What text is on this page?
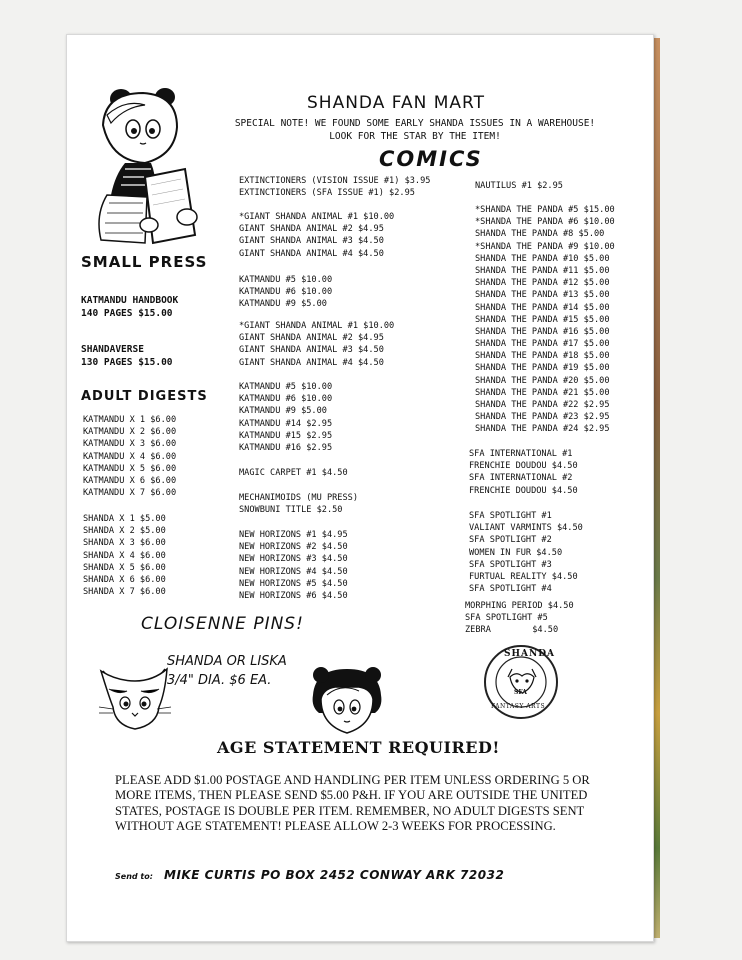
SHANDA FAN MART
SPECIAL NOTE! WE FOUND SOME EARLY SHANDA ISSUES IN A WAREHOUSE!
LOOK FOR THE STAR BY THE ITEM!
COMICS
SMALL PRESS
KATMANDU HANDBOOK
140 PAGES $15.00
SHANDAVERSE
130 PAGES $15.00
ADULT DIGESTS
KATMANDU X 1 $6.00
KATMANDU X 2 $6.00
KATMANDU X 3 $6.00
KATMANDU X 4 $6.00
KATMANDU X 5 $6.00
KATMANDU X 6 $6.00
KATMANDU X 7 $6.00
SHANDA X 1 $5.00
SHANDA X 2 $5.00
SHANDA X 3 $6.00
SHANDA X 4 $6.00
SHANDA X 5 $6.00
SHANDA X 6 $6.00
SHANDA X 7 $6.00
EXTINCTIONERS (VISION ISSUE #1) $3.95
EXTINCTIONERS (SFA ISSUE #1) $2.95
*GIANT SHANDA ANIMAL #1 $10.00
GIANT SHANDA ANIMAL #2 $4.95
GIANT SHANDA ANIMAL #3 $4.50
GIANT SHANDA ANIMAL #4 $4.50
KATMANDU #5 $10.00
KATMANDU #6 $10.00
KATMANDU #9 $5.00
*GIANT SHANDA ANIMAL #1 $10.00
GIANT SHANDA ANIMAL #2 $4.95
GIANT SHANDA ANIMAL #3 $4.50
GIANT SHANDA ANIMAL #4 $4.50
KATMANDU #5 $10.00
KATMANDU #6 $10.00
KATMANDU #9 $5.00
KATMANDU #14 $2.95
KATMANDU #15 $2.95
KATMANDU #16 $2.95
MAGIC CARPET #1 $4.50
MECHANIMOIDS (MU PRESS)
SNOWBUNI TITLE $2.50
NEW HORIZONS #1 $4.95
NEW HORIZONS #2 $4.50
NEW HORIZONS #3 $4.50
NEW HORIZONS #4 $4.50
NEW HORIZONS #5 $4.50
NEW HORIZONS #6 $4.50
NAUTILUS #1 $2.95
*SHANDA THE PANDA #5 $15.00
*SHANDA THE PANDA #6 $10.00
SHANDA THE PANDA #8 $5.00
*SHANDA THE PANDA #9 $10.00
SHANDA THE PANDA #10 $5.00
SHANDA THE PANDA #11 $5.00
SHANDA THE PANDA #12 $5.00
SHANDA THE PANDA #13 $5.00
SHANDA THE PANDA #14 $5.00
SHANDA THE PANDA #15 $5.00
SHANDA THE PANDA #16 $5.00
SHANDA THE PANDA #17 $5.00
SHANDA THE PANDA #18 $5.00
SHANDA THE PANDA #19 $5.00
SHANDA THE PANDA #20 $5.00
SHANDA THE PANDA #21 $5.00
SHANDA THE PANDA #22 $2.95
SHANDA THE PANDA #23 $2.95
SHANDA THE PANDA #24 $2.95
SFA INTERNATIONAL #1
FRENCHIE DOUDOU $4.50
SFA INTERNATIONAL #2
FRENCHIE DOUDOU $4.50
SFA SPOTLIGHT #1
VALIANT VARMINTS $4.50
SFA SPOTLIGHT #2
WOMEN IN FUR $4.50
SFA SPOTLIGHT #3
FURTUAL REALITY $4.50
SFA SPOTLIGHT #4
MORPHING PERIOD $4.50
SFA SPOTLIGHT #5
ZEBRA        $4.50
CLOISENNE PINS!
SHANDA OR LISKA
3/4" DIA. $6 EA.
SHANDA
FANTASY ARTS
SFA
AGE STATEMENT REQUIRED!
PLEASE ADD $1.00 POSTAGE AND HANDLING PER ITEM UNLESS ORDERING 5 OR MORE ITEMS, THEN PLEASE SEND $5.00 P&H. IF YOU ARE OUTSIDE THE UNITED STATES, POSTAGE IS DOUBLE PER ITEM. REMEMBER, NO ADULT DIGESTS SENT WITHOUT AGE STATEMENT! PLEASE ALLOW 2-3 WEEKS FOR PROCESSING.
Send to: MIKE CURTIS PO BOX 2452 CONWAY ARK 72032
